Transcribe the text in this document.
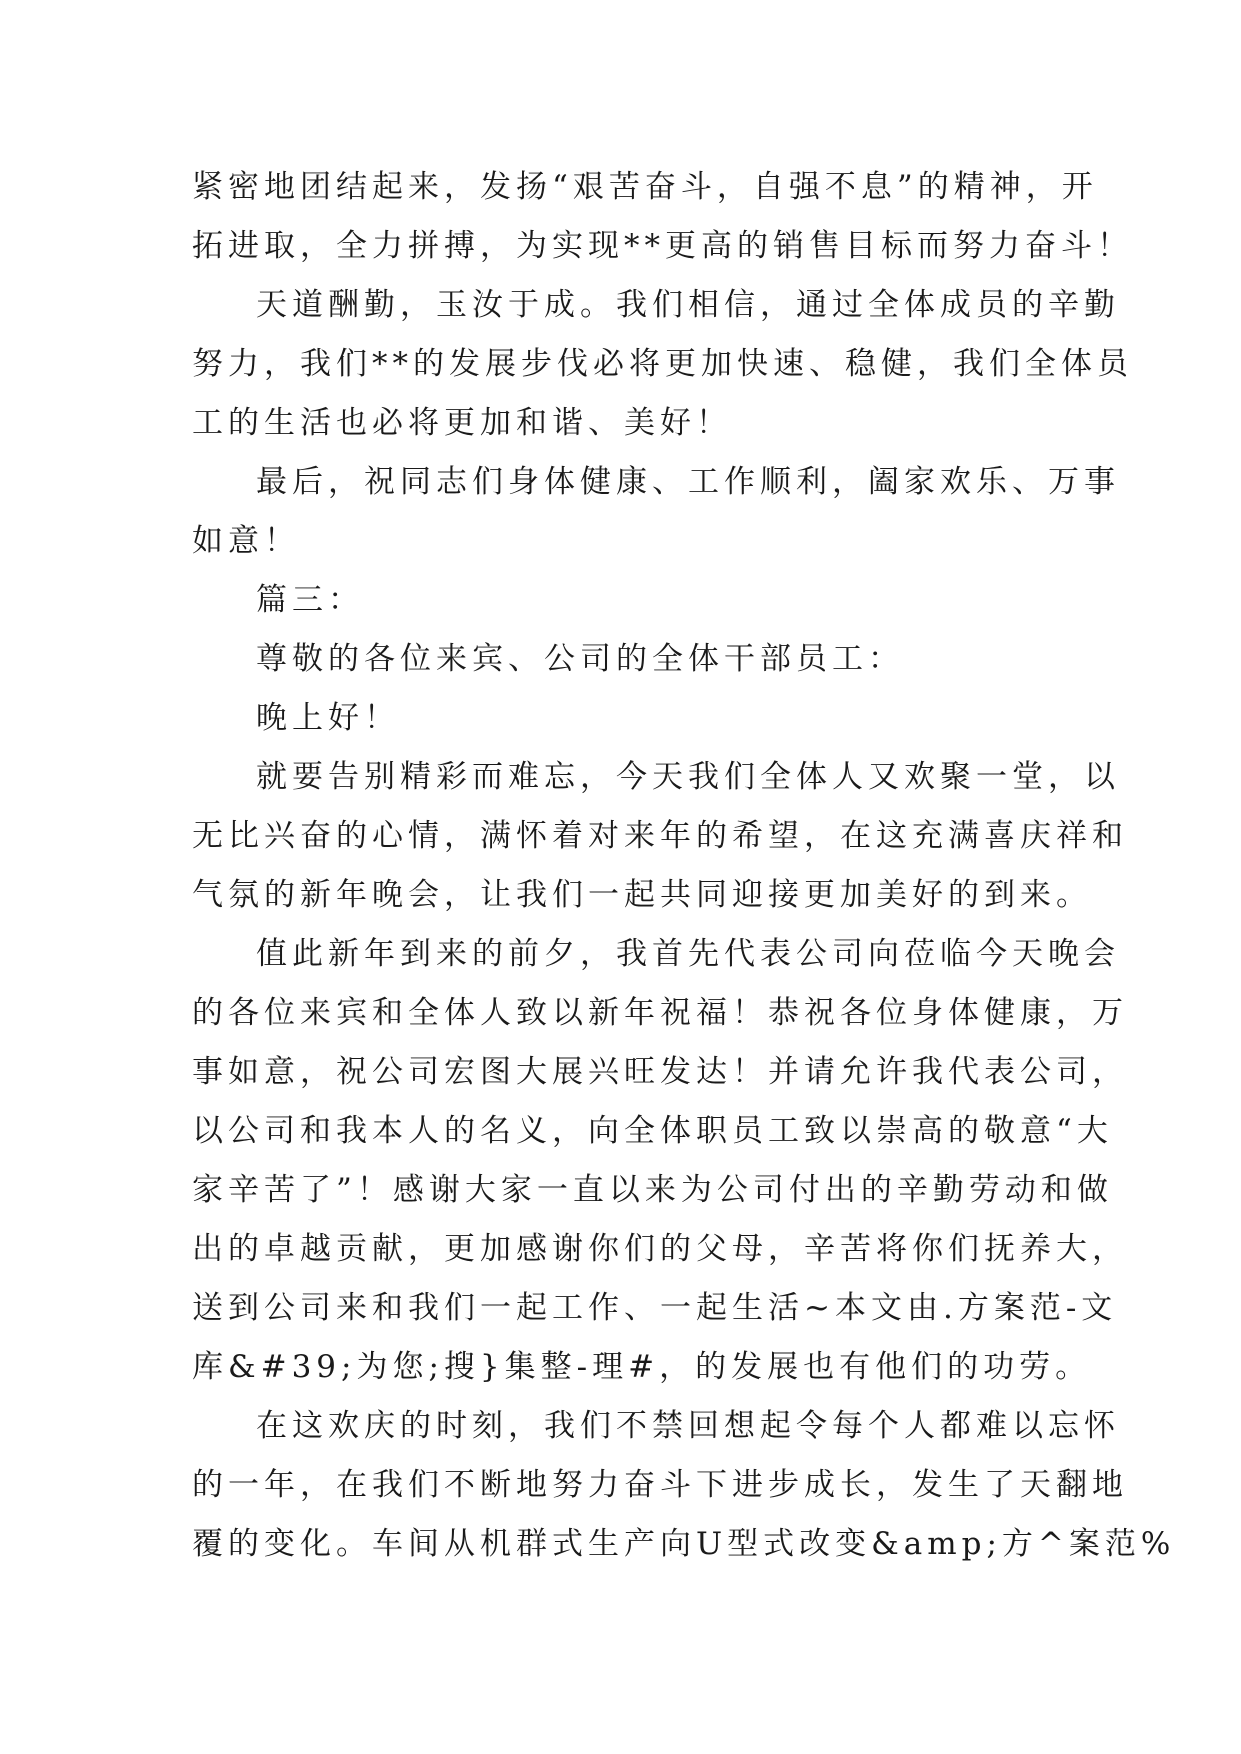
紧密地团结起来，发扬“艰苦奋斗，自强不息”的精神，开
拓进取，全力拼搏，为实现**更高的销售目标而努力奋斗！
天道酬勤，玉汝于成。我们相信，通过全体成员的辛勤
努力，我们**的发展步伐必将更加快速、稳健，我们全体员
工的生活也必将更加和谐、美好！
最后，祝同志们身体健康、工作顺利，阖家欢乐、万事
如意！
篇三：
尊敬的各位来宾、公司的全体干部员工：
晚上好！
就要告别精彩而难忘，今天我们全体人又欢聚一堂，以
无比兴奋的心情，满怀着对来年的希望，在这充满喜庆祥和
气氛的新年晚会，让我们一起共同迎接更加美好的到来。
值此新年到来的前夕，我首先代表公司向莅临今天晚会
的各位来宾和全体人致以新年祝福！恭祝各位身体健康，万
事如意，祝公司宏图大展兴旺发达！并请允许我代表公司，
以公司和我本人的名义，向全体职员工致以崇高的敬意“大
家辛苦了”！感谢大家一直以来为公司付出的辛勤劳动和做
出的卓越贡献，更加感谢你们的父母，辛苦将你们抚养大，
送到公司来和我们一起工作、一起生活~本文由.方案范-文
库&#39;为您;搜}集整-理#，的发展也有他们的功劳。
在这欢庆的时刻，我们不禁回想起令每个人都难以忘怀
的一年，在我们不断地努力奋斗下进步成长，发生了天翻地
覆的变化。车间从机群式生产向U型式改变&amp;方^案范%
